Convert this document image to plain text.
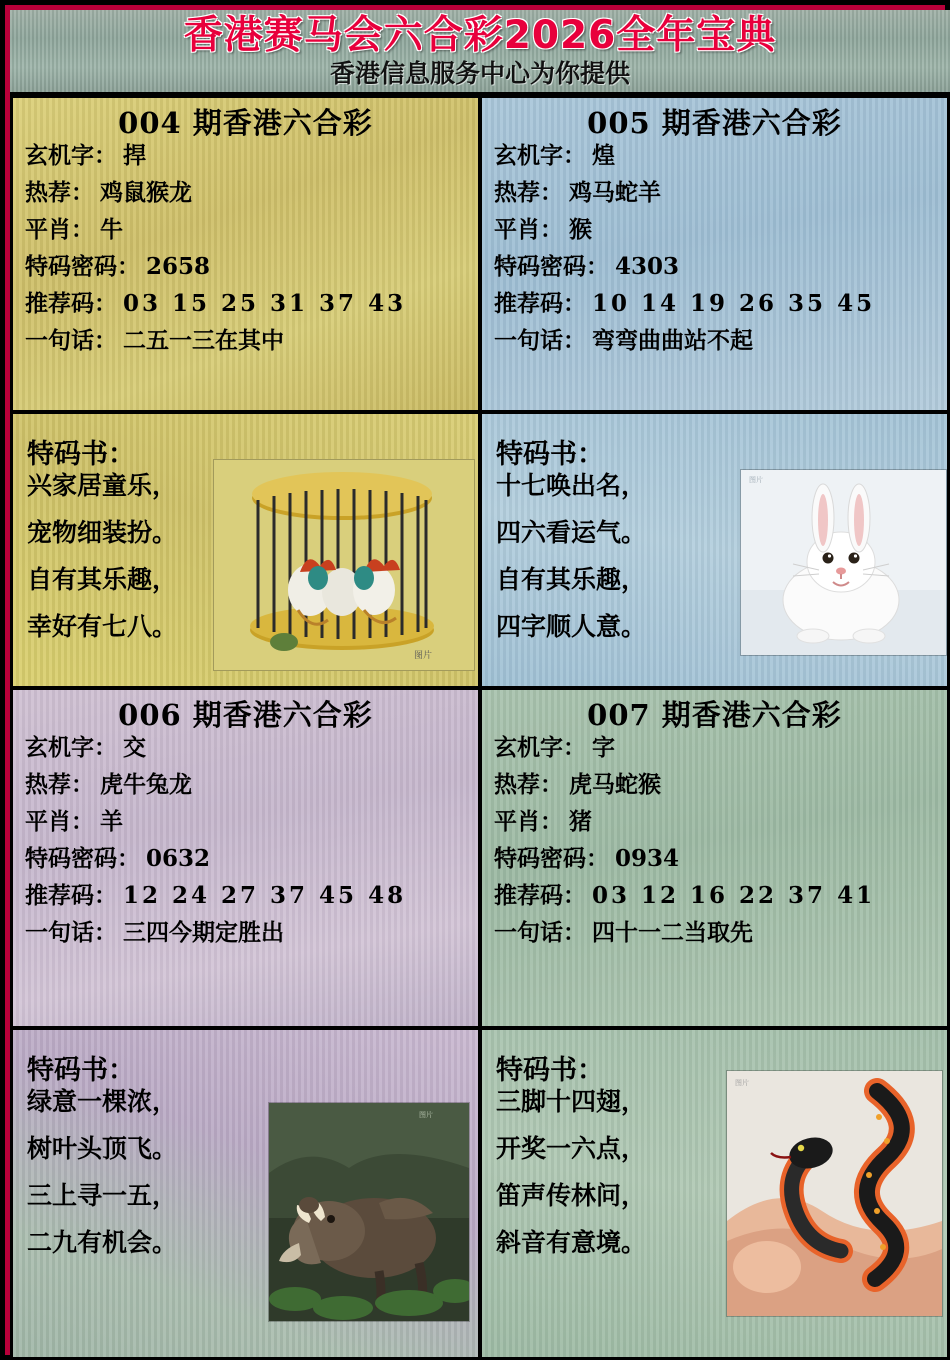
香港赛马会六合彩2026全年宝典
香港信息服务中心为你提供
004 期香港六合彩
玄机字： 捍
热荐： 鸡鼠猴龙
平肖： 牛
特码密码： 2658
推荐码： 03 15 25 31 37 43
一句话： 二五一三在其中
005 期香港六合彩
玄机字： 煌
热荐： 鸡马蛇羊
平肖： 猴
特码密码： 4303
推荐码： 10 14 19 26 35 45
一句话： 弯弯曲曲站不起
特码书：
兴家居童乐，
宠物细装扮。
自有其乐趣，
幸好有七八。
图片
特码书：
十七唤出名，
四六看运气。
自有其乐趣，
四字顺人意。
图片
006 期香港六合彩
玄机字： 交
热荐： 虎牛兔龙
平肖： 羊
特码密码： 0632
推荐码： 12 24 27 37 45 48
一句话： 三四今期定胜出
007 期香港六合彩
玄机字： 字
热荐： 虎马蛇猴
平肖： 猪
特码密码： 0934
推荐码： 03 12 16 22 37 41
一句话： 四十一二当取先
特码书：
绿意一棵浓，
树叶头顶飞。
三上寻一五，
二九有机会。
图片
特码书：
三脚十四翅，
开奖一六点，
笛声传林问，
斜音有意境。
图片
